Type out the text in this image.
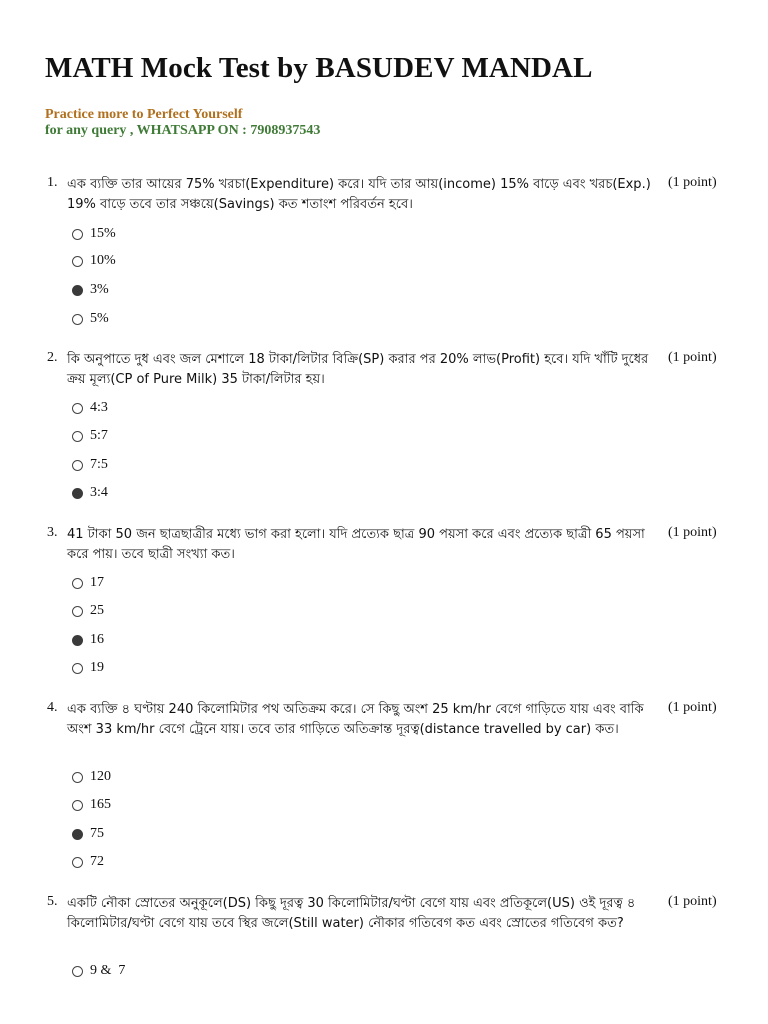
MATH Mock Test by BASUDEV MANDAL
Practice more to Perfect Yourself
for any query , WHATSAPP ON : 7908937543
1. এক ব্যক্তি তার আয়ের 75% খরচা(Expenditure) করে। যদি তার আয়(income) 15% বাড়ে এবং খরচ(Exp.) 19% বাড়ে তবে তার সঞ্চয়ে(Savings) কত শতাংশ পরিবর্তন হবে।
(1 point)
15%
10%
3%
5%
2. কি অনুপাতে দুধ এবং জল মেশালে 18 টাকা/লিটার বিক্রি(SP) করার পর 20% লাভ(Profit) হবে। যদি খাঁটি দুধের ক্রয় মূল্য(CP of Pure Milk) 35 টাকা/লিটার হয়।
(1 point)
4:3
5:7
7:5
3:4
3. 41 টাকা 50 জন ছাত্রছাত্রীর মধ্যে ভাগ করা হলো। যদি প্রত্যেক ছাত্র 90 পয়সা করে এবং প্রত্যেক ছাত্রী 65 পয়সা করে পায়। তবে ছাত্রী সংখ্যা কত।
(1 point)
17
25
16
19
4. এক ব্যক্তি ৪ ঘণ্টায় 240 কিলোমিটার পথ অতিক্রম করে। সে কিছু অংশ 25 km/hr বেগে গাড়িতে যায় এবং বাকি অংশ 33 km/hr বেগে ট্রেনে যায়। তবে তার গাড়িতে অতিক্রান্ত দূরত্ব(distance travelled by car) কত।
(1 point)
120
165
75
72
5. একটি নৌকা স্রোতের অনুকূলে(DS) কিছু দূরত্ব 30 কিলোমিটার/ঘণ্টা বেগে যায় এবং প্রতিকূলে(US) ওই দূরত্ব ৪ কিলোমিটার/ঘণ্টা বেগে যায় তবে স্থির জলে(Still water) নৌকার গতিবেগ কত এবং স্রোতের গতিবেগ কত?
(1 point)
9 &  7
